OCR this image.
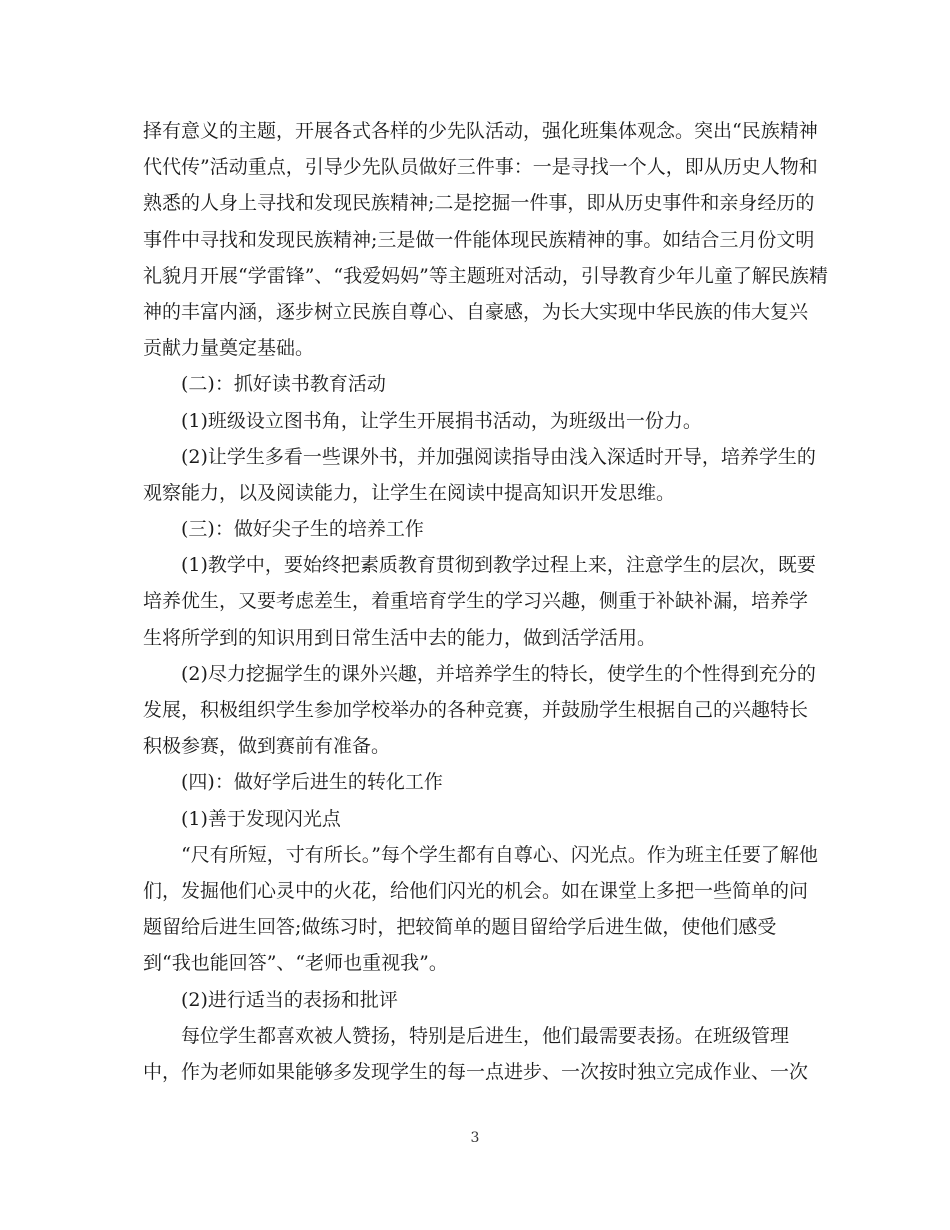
择有意义的主题，开展各式各样的少先队活动，强化班集体观念。突出“民族精神
代代传”活动重点，引导少先队员做好三件事：一是寻找一个人，即从历史人物和
熟悉的人身上寻找和发现民族精神;二是挖掘一件事，即从历史事件和亲身经历的
事件中寻找和发现民族精神;三是做一件能体现民族精神的事。如结合三月份文明
礼貌月开展“学雷锋”、“我爱妈妈”等主题班对活动，引导教育少年儿童了解民族精
神的丰富内涵，逐步树立民族自尊心、自豪感，为长大实现中华民族的伟大复兴
贡献力量奠定基础。
(二)：抓好读书教育活动
(1)班级设立图书角，让学生开展捐书活动，为班级出一份力。
(2)让学生多看一些课外书，并加强阅读指导由浅入深适时开导，培养学生的
观察能力，以及阅读能力，让学生在阅读中提高知识开发思维。
(三)：做好尖子生的培养工作
(1)教学中，要始终把素质教育贯彻到教学过程上来，注意学生的层次，既要
培养优生，又要考虑差生，着重培育学生的学习兴趣，侧重于补缺补漏，培养学
生将所学到的知识用到日常生活中去的能力，做到活学活用。
(2)尽力挖掘学生的课外兴趣，并培养学生的特长，使学生的个性得到充分的
发展，积极组织学生参加学校举办的各种竞赛，并鼓励学生根据自己的兴趣特长
积极参赛，做到赛前有准备。
(四)：做好学后进生的转化工作
(1)善于发现闪光点
“尺有所短，寸有所长。”每个学生都有自尊心、闪光点。作为班主任要了解他
们，发掘他们心灵中的火花，给他们闪光的机会。如在课堂上多把一些简单的问
题留给后进生回答;做练习时，把较简单的题目留给学后进生做，使他们感受
到“我也能回答”、“老师也重视我”。
(2)进行适当的表扬和批评
每位学生都喜欢被人赞扬，特别是后进生，他们最需要表扬。在班级管理
中，作为老师如果能够多发现学生的每一点进步、一次按时独立完成作业、一次
3
